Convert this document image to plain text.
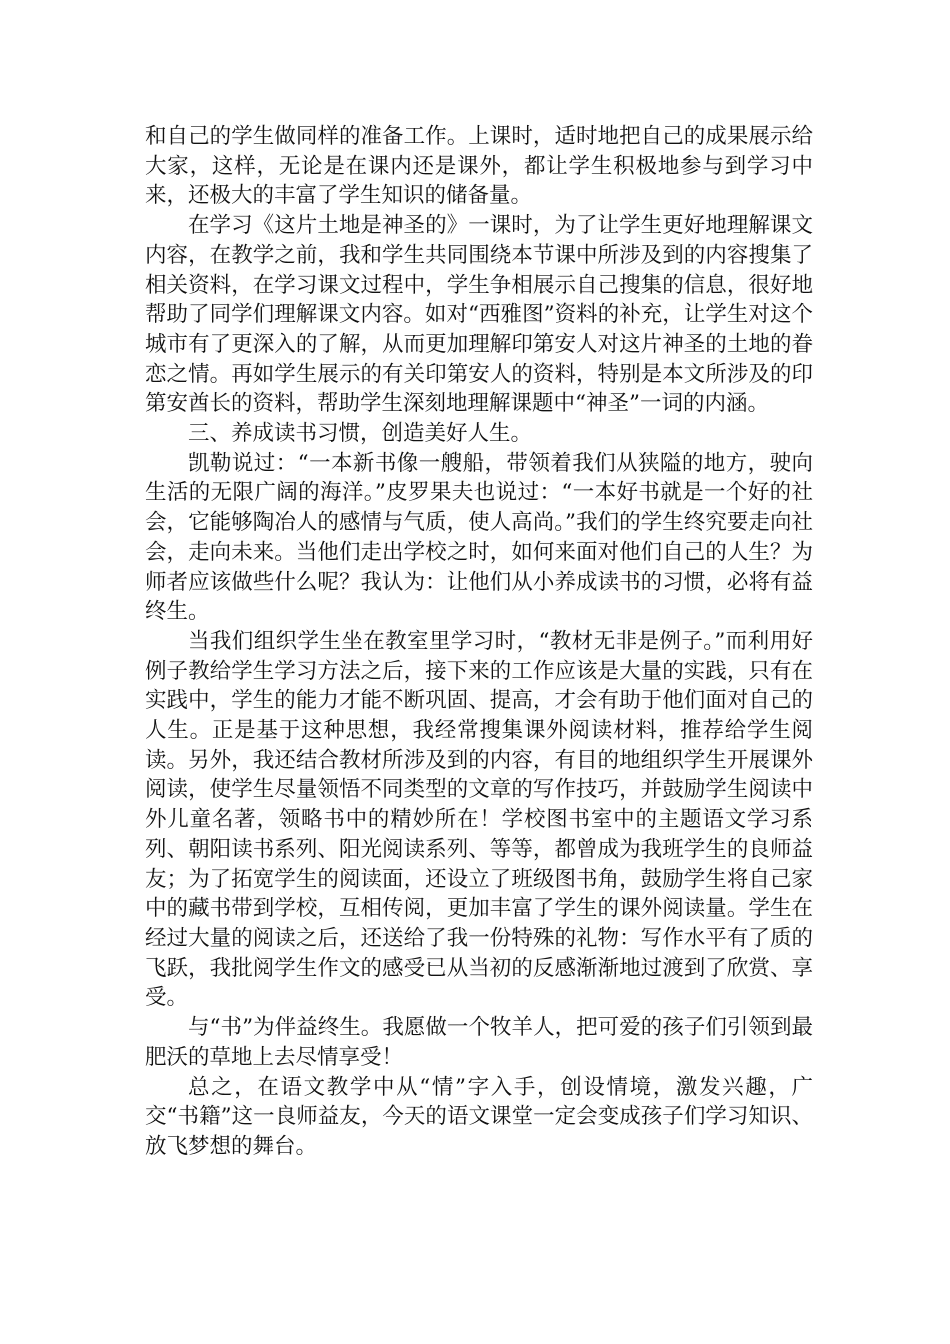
和自己的学生做同样的准备工作。上课时，适时地把自己的成果展示给大家，这样，无论是在课内还是课外，都让学生积极地参与到学习中来，还极大的丰富了学生知识的储备量。

在学习《这片土地是神圣的》一课时，为了让学生更好地理解课文内容，在教学之前，我和学生共同围绕本节课中所涉及到的内容搜集了相关资料，在学习课文过程中，学生争相展示自己搜集的信息，很好地帮助了同学们理解课文内容。如对“西雅图”资料的补充，让学生对这个城市有了更深入的了解，从而更加理解印第安人对这片神圣的土地的眷恋之情。再如学生展示的有关印第安人的资料，特别是本文所涉及的印第安酋长的资料，帮助学生深刻地理解课题中“神圣”一词的内涵。

三、养成读书习惯，创造美好人生。

凯勒说过：“一本新书像一艘船，带领着我们从狭隘的地方，驶向生活的无限广阔的海洋。”皮罗果夫也说过：“一本好书就是一个好的社会，它能够陶冶人的感情与气质，使人高尚。”我们的学生终究要走向社会，走向未来。当他们走出学校之时，如何来面对他们自己的人生？为师者应该做些什么呢？我认为：让他们从小养成读书的习惯，必将有益终生。

当我们组织学生坐在教室里学习时，“教材无非是例子。”而利用好例子教给学生学习方法之后，接下来的工作应该是大量的实践，只有在实践中，学生的能力才能不断巩固、提高，才会有助于他们面对自己的人生。正是基于这种思想，我经常搜集课外阅读材料，推荐给学生阅读。另外，我还结合教材所涉及到的内容，有目的地组织学生开展课外阅读，使学生尽量领悟不同类型的文章的写作技巧，并鼓励学生阅读中外儿童名著，领略书中的精妙所在！学校图书室中的主题语文学习系列、朝阳读书系列、阳光阅读系列、等等，都曾成为我班学生的良师益友；为了拓宽学生的阅读面，还设立了班级图书角，鼓励学生将自己家中的藏书带到学校，互相传阅，更加丰富了学生的课外阅读量。学生在经过大量的阅读之后，还送给了我一份特殊的礼物：写作水平有了质的飞跃，我批阅学生作文的感受已从当初的反感渐渐地过渡到了欣赏、享受。

与“书”为伴益终生。我愿做一个牧羊人，把可爱的孩子们引领到最肥沃的草地上去尽情享受！

总之，在语文教学中从“情”字入手，创设情境，激发兴趣，广交“书籍”这一良师益友，今天的语文课堂一定会变成孩子们学习知识、放飞梦想的舞台。
